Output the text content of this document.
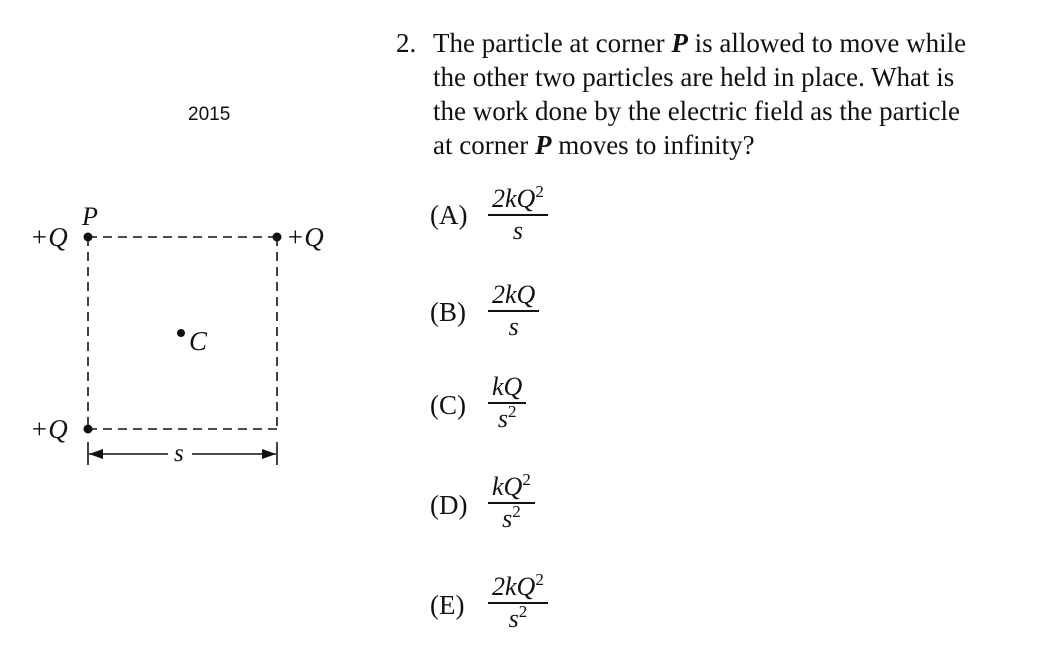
2015
+Q
P
+Q
+Q
C
s
2. The particle at corner P is allowed to move while
the other two particles are held in place. What is
the work done by the electric field as the particle
at corner P moves to infinity?
(A)
$2kQ^2$
s
(B)
2kQ
s
(C)
kQ
$s^2$
(D)
$kQ^2$
$s^2$
(E)
$2kQ^2$
$s^2$
